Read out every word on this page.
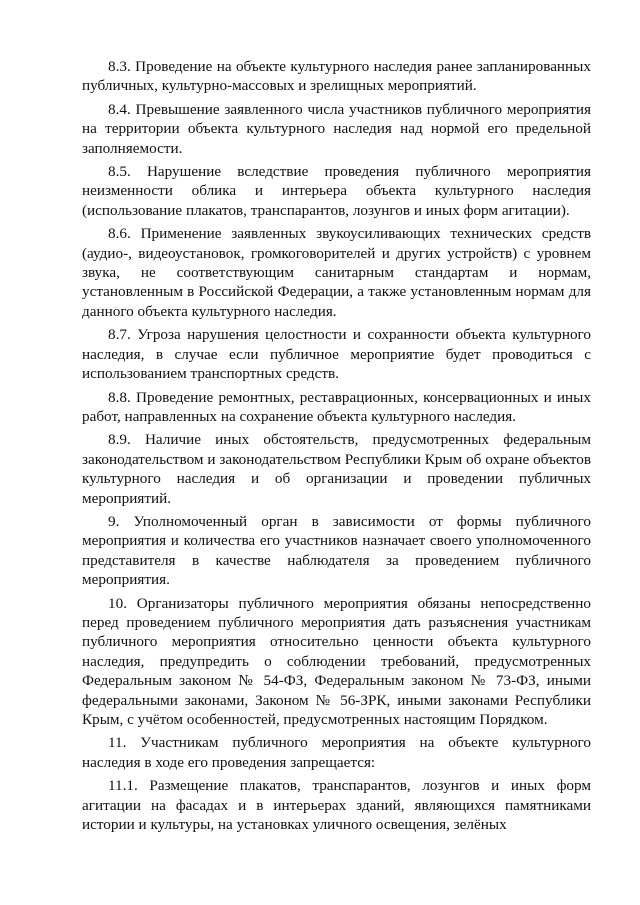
8.3. Проведение на объекте культурного наследия ранее запланированных публичных, культурно-массовых и зрелищных мероприятий.

8.4. Превышение заявленного числа участников публичного мероприятия на территории объекта культурного наследия над нормой его предельной заполняемости.

8.5. Нарушение вследствие проведения публичного мероприятия неизменности облика и интерьера объекта культурного наследия (использование плакатов, транспарантов, лозунгов и иных форм агитации).

8.6. Применение заявленных звукоусиливающих технических средств (аудио-, видеоустановок, громкоговорителей и других устройств) с уровнем звука, не соответствующим санитарным стандартам и нормам, установленным в Российской Федерации, а также установленным нормам для данного объекта культурного наследия.

8.7. Угроза нарушения целостности и сохранности объекта культурного наследия, в случае если публичное мероприятие будет проводиться с использованием транспортных средств.

8.8. Проведение ремонтных, реставрационных, консервационных и иных работ, направленных на сохранение объекта культурного наследия.

8.9. Наличие иных обстоятельств, предусмотренных федеральным законодательством и законодательством Республики Крым об охране объектов культурного наследия и об организации и проведении публичных мероприятий.

9. Уполномоченный орган в зависимости от формы публичного мероприятия и количества его участников назначает своего уполномоченного представителя в качестве наблюдателя за проведением публичного мероприятия.

10. Организаторы публичного мероприятия обязаны непосредственно перед проведением публичного мероприятия дать разъяснения участникам публичного мероприятия относительно ценности объекта культурного наследия, предупредить о соблюдении требований, предусмотренных Федеральным законом № 54-ФЗ, Федеральным законом № 73-ФЗ, иными федеральными законами, Законом № 56-ЗРК, иными законами Республики Крым, с учётом особенностей, предусмотренных настоящим Порядком.

11. Участникам публичного мероприятия на объекте культурного наследия в ходе его проведения запрещается:

11.1. Размещение плакатов, транспарантов, лозунгов и иных форм агитации на фасадах и в интерьерах зданий, являющихся памятниками истории и культуры, на установках уличного освещения, зелёных
